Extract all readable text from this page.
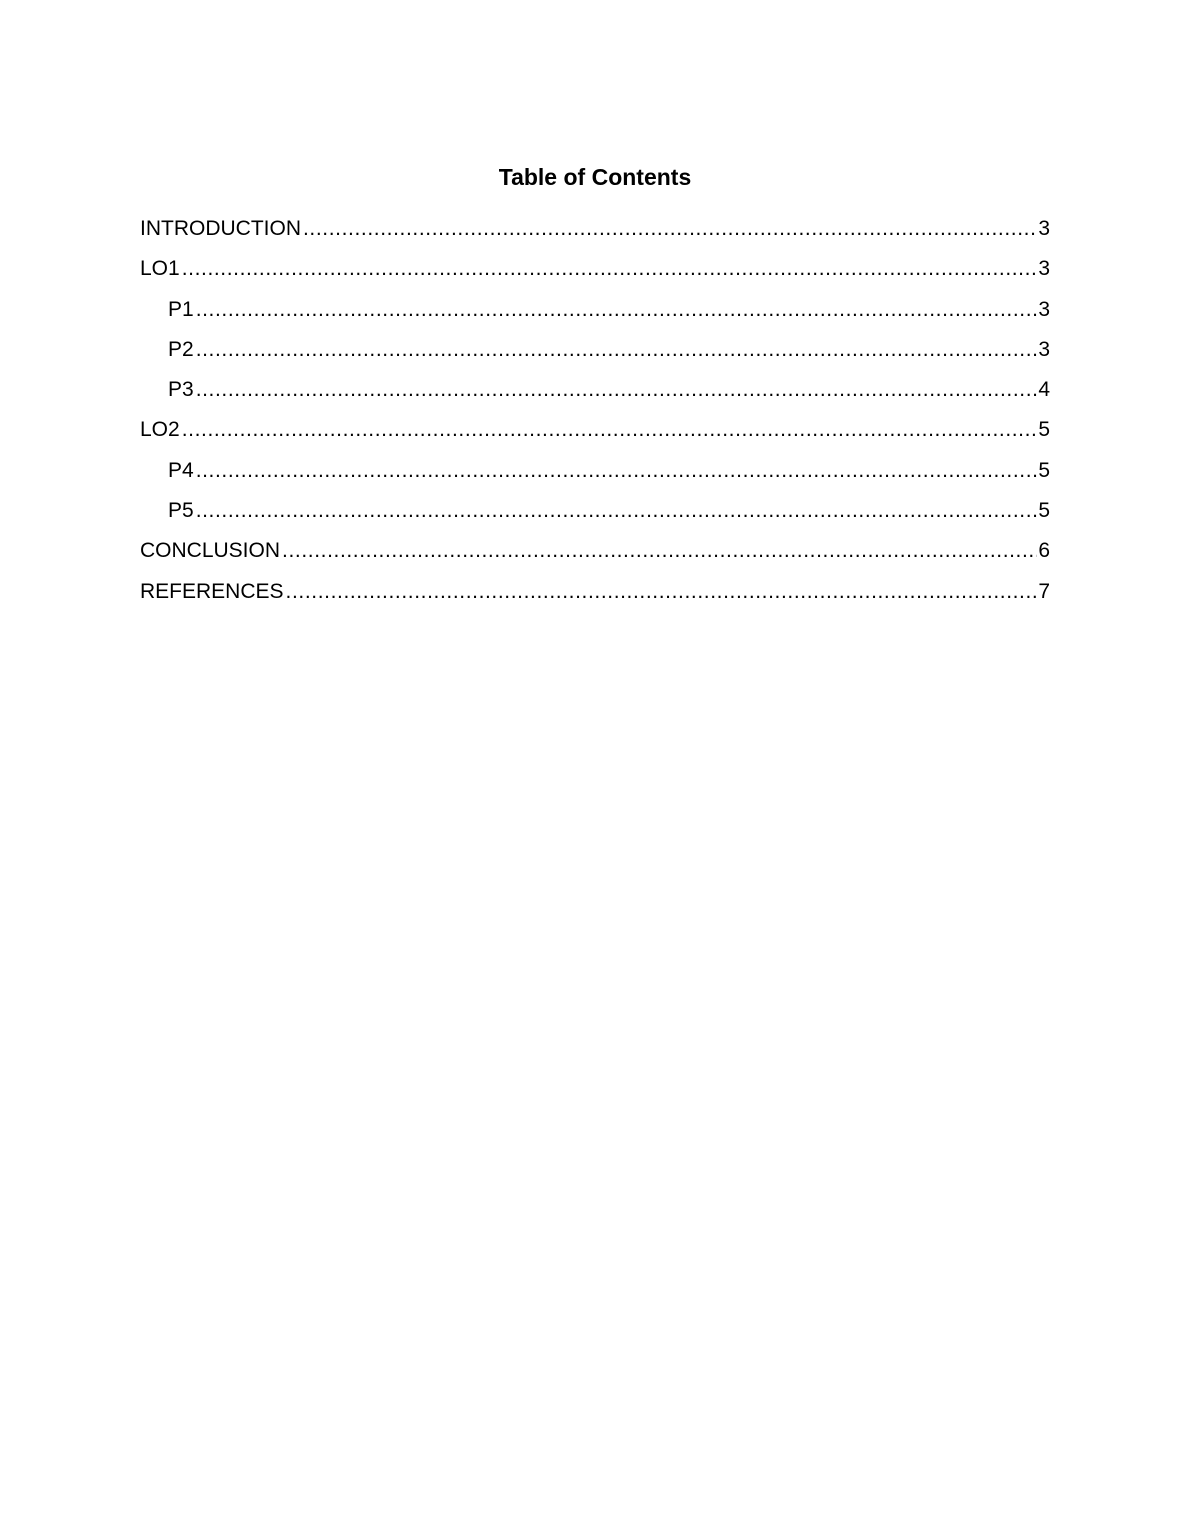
Table of Contents
INTRODUCTION .....	3
LO1 .....	3
P1 .....	3
P2 .....	3
P3 .....	4
LO2 .....	5
P4 .....	5
P5 .....	5
CONCLUSION .....	6
REFERENCES .....	7
